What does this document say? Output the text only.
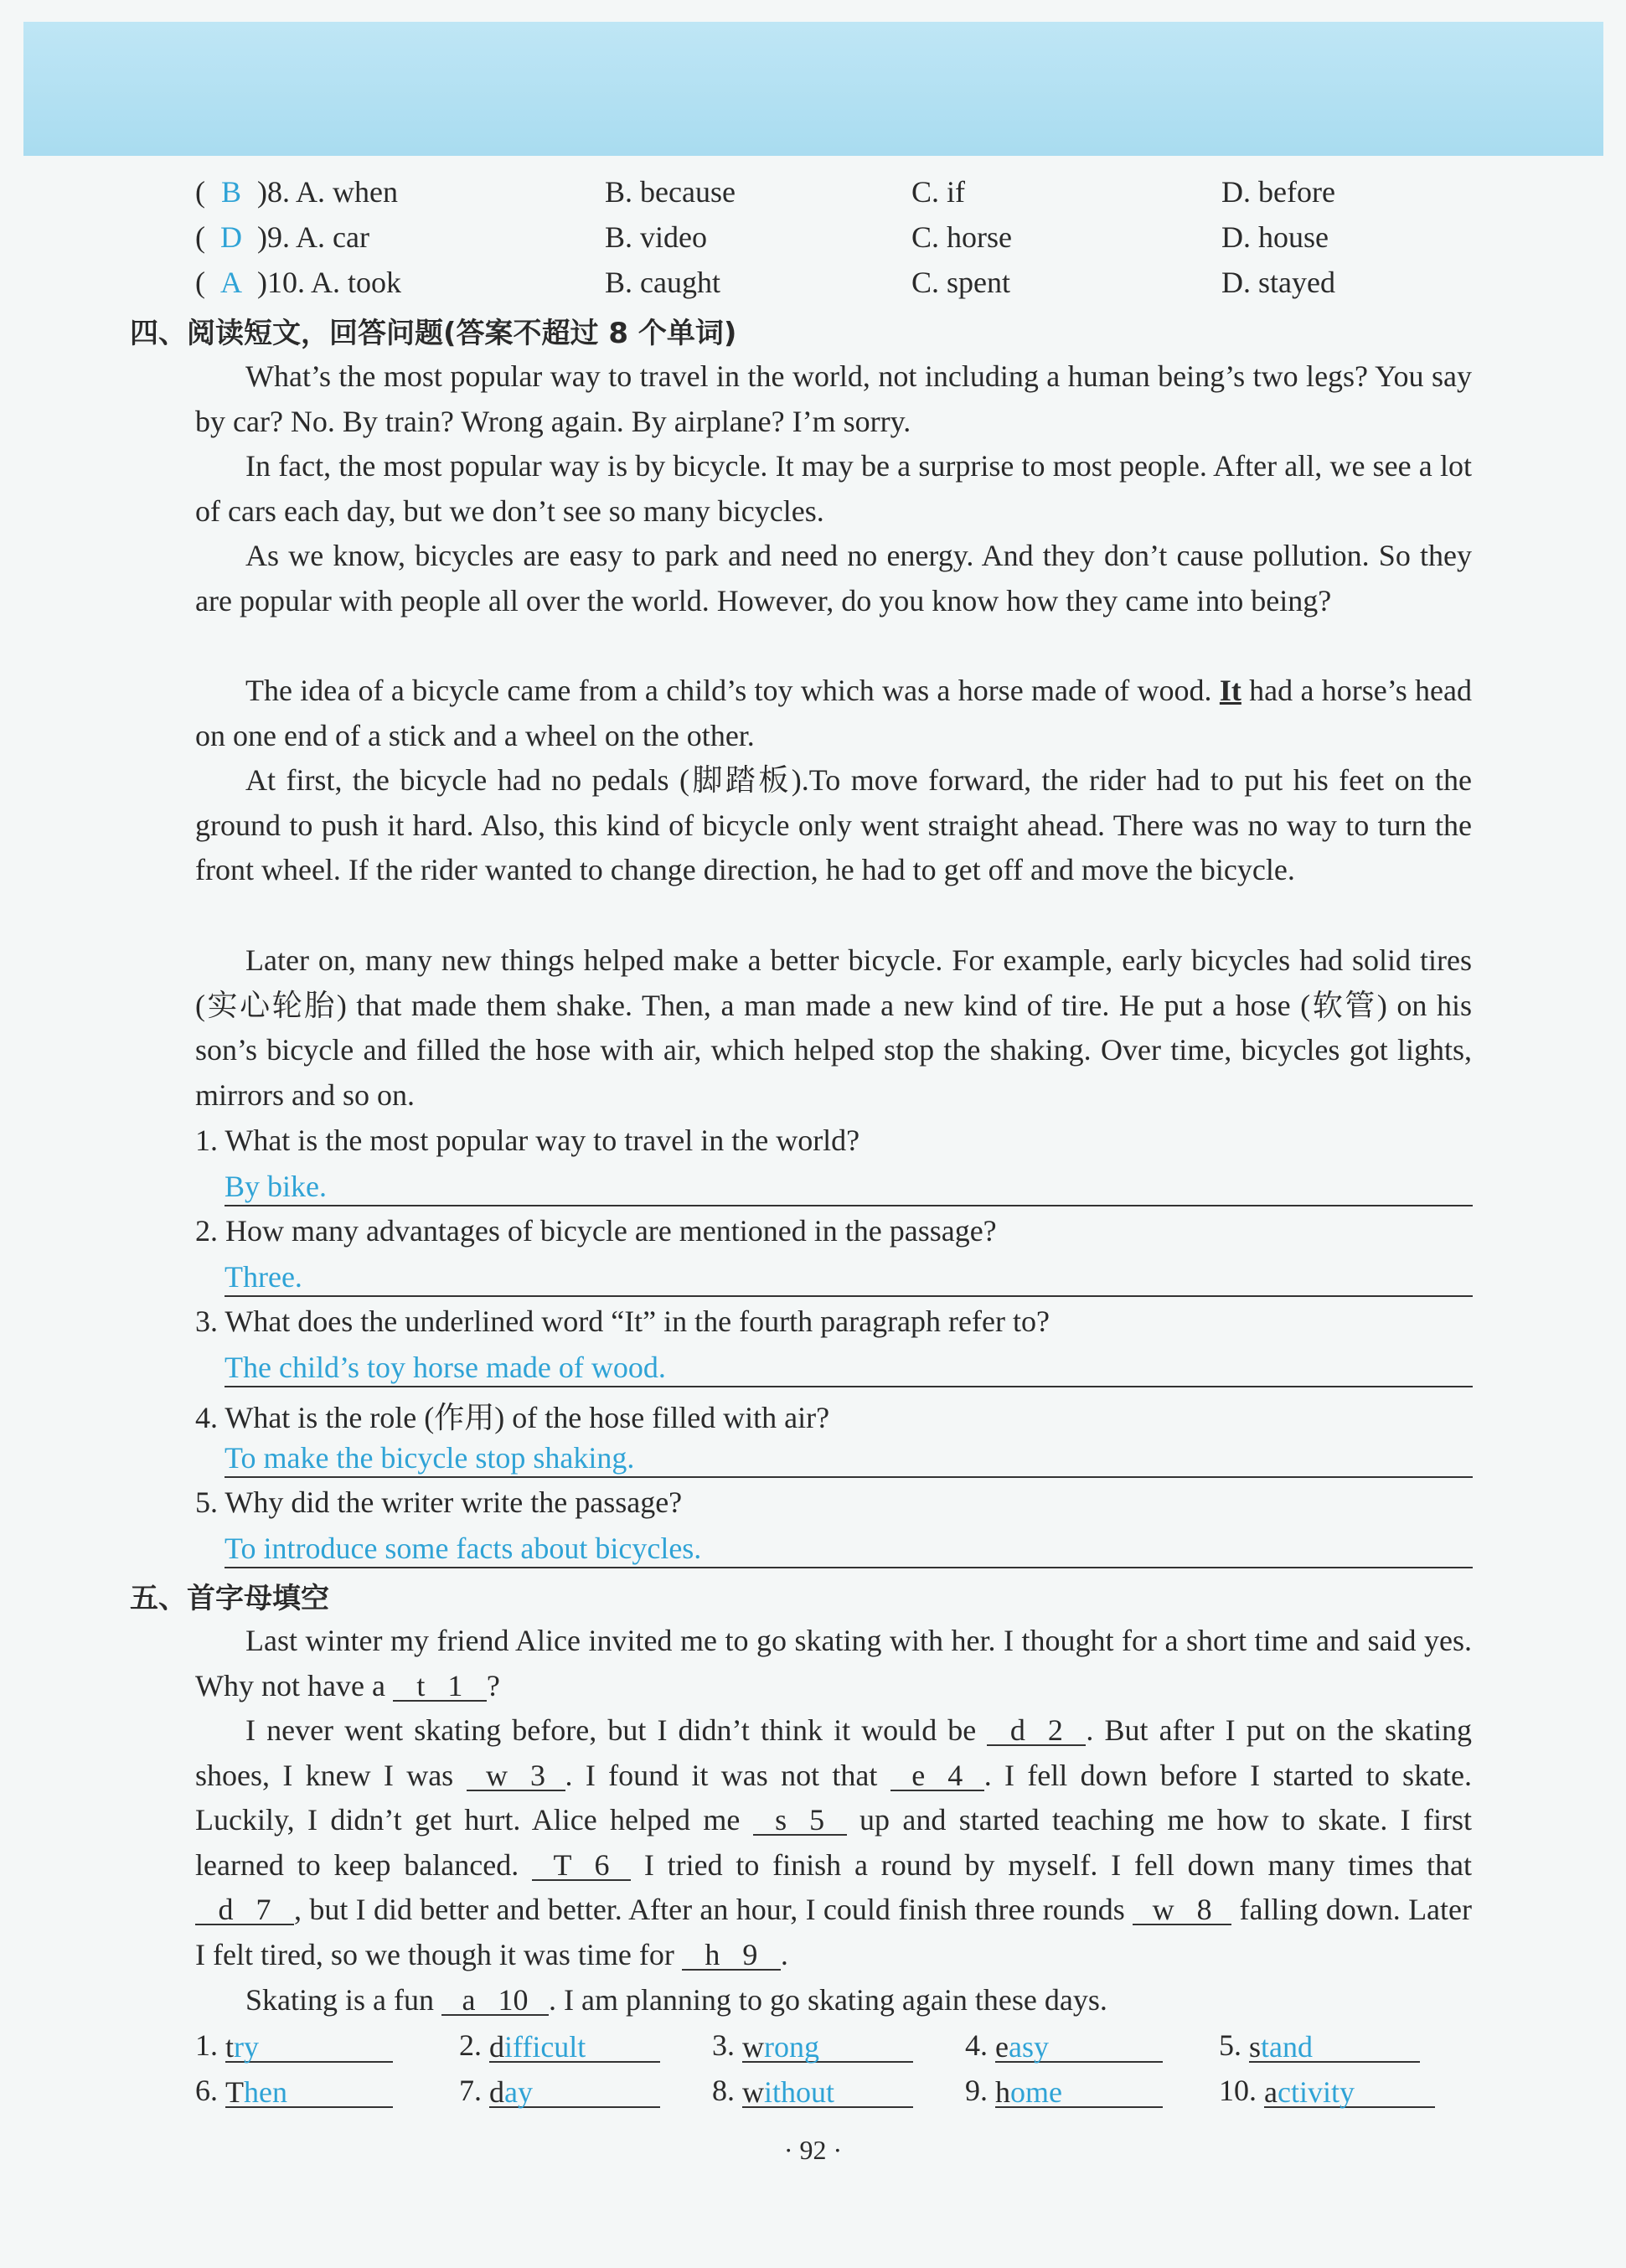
( B )8. A. when	B. because	C. if	D. before
( D )9. A. car	B. video	C. horse	D. house
( A )10. A. took	B. caught	C. spent	D. stayed
四、阅读短文，回答问题(答案不超过 8 个单词)

What’s the most popular way to travel in the world, not including a human being’s two legs? You say by car? No. By train? Wrong again. By airplane? I’m sorry.

In fact, the most popular way is by bicycle. It may be a surprise to most people. After all, we see a lot of cars each day, but we don’t see so many bicycles.

As we know, bicycles are easy to park and need no energy. And they don’t cause pollution. So they are popular with people all over the world. However, do you know how they came into being?

The idea of a bicycle came from a child’s toy which was a horse made of wood. It had a horse’s head on one end of a stick and a wheel on the other.

At first, the bicycle had no pedals (脚踏板).To move forward, the rider had to put his feet on the ground to push it hard. Also, this kind of bicycle only went straight ahead. There was no way to turn the front wheel. If the rider wanted to change direction, he had to get off and move the bicycle.

Later on, many new things helped make a better bicycle. For example, early bicycles had solid tires (实心轮胎) that made them shake. Then, a man made a new kind of tire. He put a hose (软管) on his son’s bicycle and filled the hose with air, which helped stop the shaking. Over time, bicycles got lights, mirrors and so on.

1. What is the most popular way to travel in the world?
By bike.
2. How many advantages of bicycle are mentioned in the passage?
Three.
3. What does the underlined word “It” in the fourth paragraph refer to?
The child’s toy horse made of wood.
4. What is the role (作用) of the hose filled with air?
To make the bicycle stop shaking.
5. Why did the writer write the passage?
To introduce some facts about bicycles.
五、首字母填空

Last winter my friend Alice invited me to go skating with her. I thought for a short time and said yes. Why not have a t 1 ?

I never went skating before, but I didn’t think it would be d 2 . But after I put on the skating shoes, I knew I was w 3 . I found it was not that e 4 . I fell down before I started to skate. Luckily, I didn’t get hurt. Alice helped me s 5 up and started teaching me how to skate. I first learned to keep balanced. T 6 I tried to finish a round by myself. I fell down many times that d 7 , but I did better and better. After an hour, I could finish three rounds w 8 falling down. Later I felt tired, so we though it was time for h 9 .

Skating is a fun a 10 . I am planning to go skating again these days.

1. try	2. difficult	3. wrong	4. easy	5. stand
6. Then	7. day	8. without	9. home	10. activity
· 92 ·
